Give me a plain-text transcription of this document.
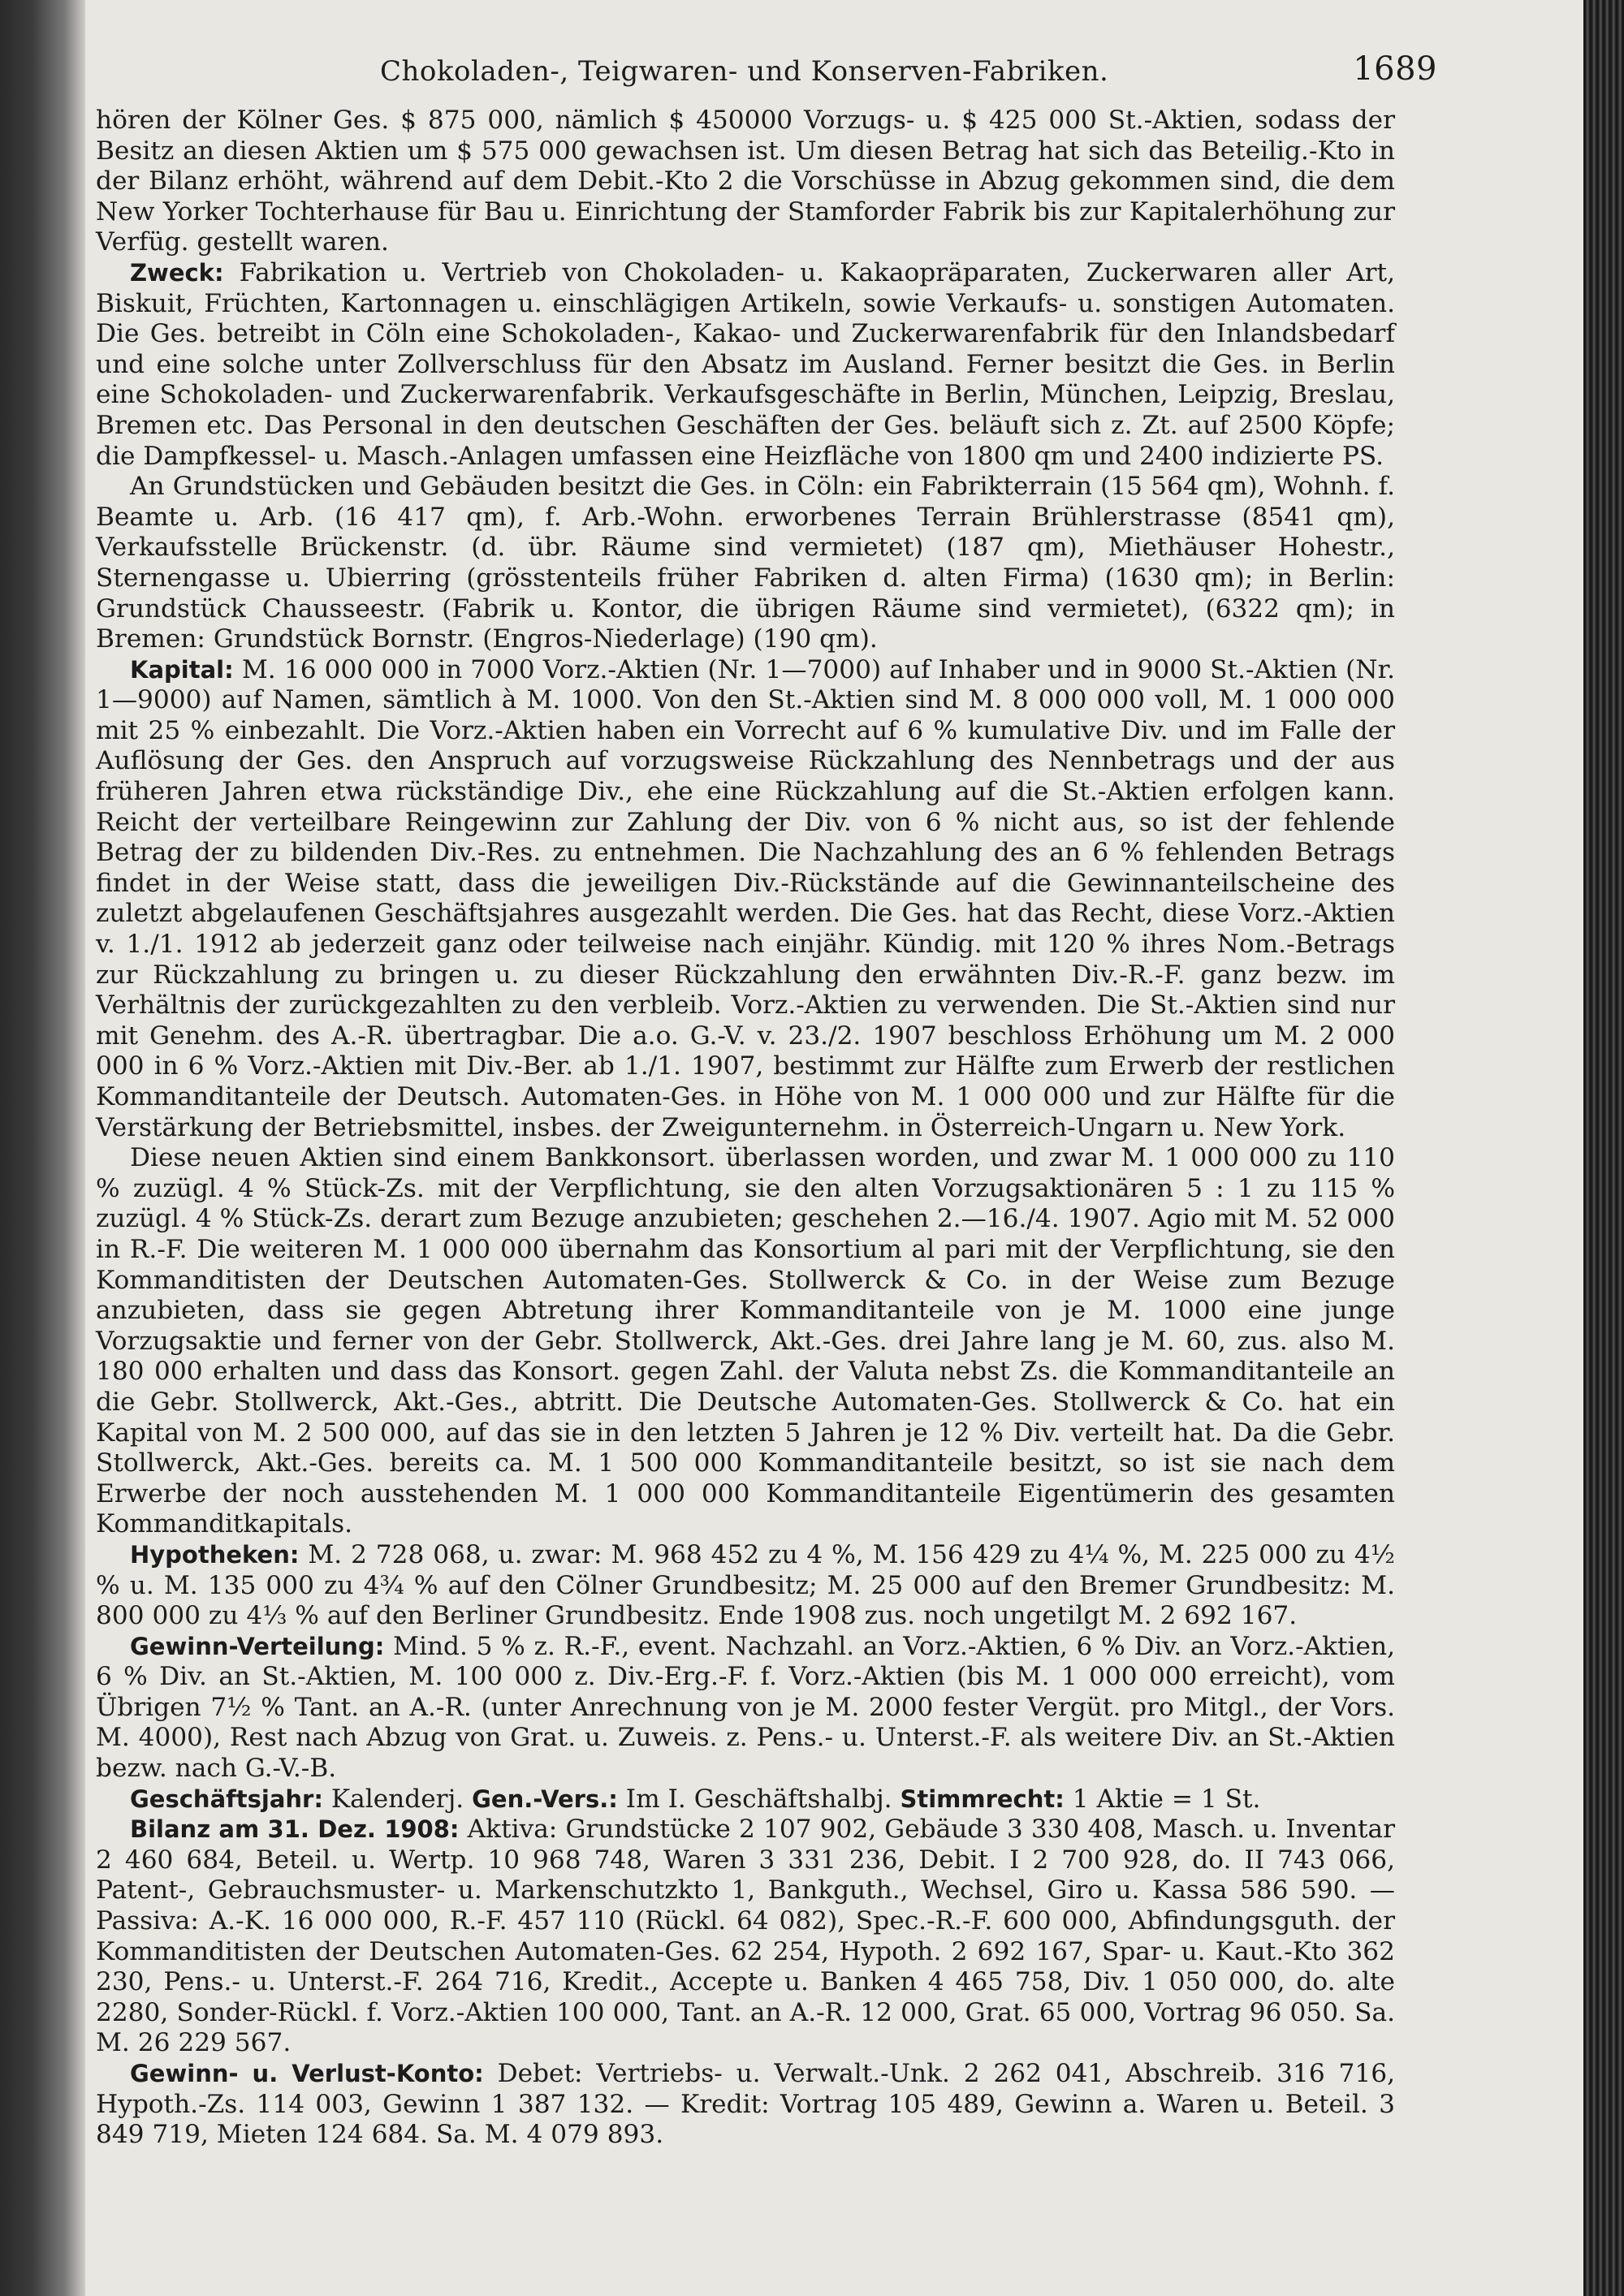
Chokoladen-, Teigwaren- und Konserven-Fabriken.	1689

hören der Kölner Ges. $ 875 000, nämlich $ 450000 Vorzugs- u. $ 425 000 St.-Aktien, sodass der Besitz an diesen Aktien um $ 575 000 gewachsen ist. Um diesen Betrag hat sich das Beteilig.-Kto in der Bilanz erhöht, während auf dem Debit.-Kto 2 die Vorschüsse in Abzug gekommen sind, die dem New Yorker Tochterhause für Bau u. Einrichtung der Stamforder Fabrik bis zur Kapitalerhöhung zur Verfüg. gestellt waren.

Zweck: Fabrikation u. Vertrieb von Chokoladen- u. Kakaopräparaten, Zuckerwaren aller Art, Biskuit, Früchten, Kartonnagen u. einschlägigen Artikeln, sowie Verkaufs- u. sonstigen Automaten. Die Ges. betreibt in Cöln eine Schokoladen-, Kakao- und Zuckerwarenfabrik für den Inlandsbedarf und eine solche unter Zollverschluss für den Absatz im Ausland. Ferner besitzt die Ges. in Berlin eine Schokoladen- und Zuckerwarenfabrik. Verkaufsgeschäfte in Berlin, München, Leipzig, Breslau, Bremen etc. Das Personal in den deutschen Geschäften der Ges. beläuft sich z. Zt. auf 2500 Köpfe; die Dampfkessel- u. Masch.-Anlagen umfassen eine Heizfläche von 1800 qm und 2400 indizierte PS.

An Grundstücken und Gebäuden besitzt die Ges. in Cöln: ein Fabrikterrain (15 564 qm), Wohnh. f. Beamte u. Arb. (16 417 qm), f. Arb.-Wohn. erworbenes Terrain Brühlerstrasse (8541 qm), Verkaufsstelle Brückenstr. (d. übr. Räume sind vermietet) (187 qm), Miethäuser Hohestr., Sternengasse u. Ubierring (grösstenteils früher Fabriken d. alten Firma) (1630 qm); in Berlin: Grundstück Chausseestr. (Fabrik u. Kontor, die übrigen Räume sind vermietet), (6322 qm); in Bremen: Grundstück Bornstr. (Engros-Niederlage) (190 qm).

Kapital: M. 16 000 000 in 7000 Vorz.-Aktien (Nr. 1—7000) auf Inhaber und in 9000 St.-Aktien (Nr. 1—9000) auf Namen, sämtlich à M. 1000. Von den St.-Aktien sind M. 8 000 000 voll, M. 1 000 000 mit 25 % einbezahlt. Die Vorz.-Aktien haben ein Vorrecht auf 6 % kumulative Div. und im Falle der Auflösung der Ges. den Anspruch auf vorzugsweise Rückzahlung des Nennbetrags und der aus früheren Jahren etwa rückständige Div., ehe eine Rückzahlung auf die St.-Aktien erfolgen kann. Reicht der verteilbare Reingewinn zur Zahlung der Div. von 6 % nicht aus, so ist der fehlende Betrag der zu bildenden Div.-Res. zu entnehmen. Die Nachzahlung des an 6 % fehlenden Betrags findet in der Weise statt, dass die jeweiligen Div.-Rückstände auf die Gewinnanteilscheine des zuletzt abgelaufenen Geschäftsjahres ausgezahlt werden. Die Ges. hat das Recht, diese Vorz.-Aktien v. 1./1. 1912 ab jederzeit ganz oder teilweise nach einjähr. Kündig. mit 120 % ihres Nom.-Betrags zur Rückzahlung zu bringen u. zu dieser Rückzahlung den erwähnten Div.-R.-F. ganz bezw. im Verhältnis der zurückgezahlten zu den verbleib. Vorz.-Aktien zu verwenden. Die St.-Aktien sind nur mit Genehm. des A.-R. übertragbar. Die a.o. G.-V. v. 23./2. 1907 beschloss Erhöhung um M. 2 000 000 in 6 % Vorz.-Aktien mit Div.-Ber. ab 1./1. 1907, bestimmt zur Hälfte zum Erwerb der restlichen Kommanditanteile der Deutsch. Automaten-Ges. in Höhe von M. 1 000 000 und zur Hälfte für die Verstärkung der Betriebsmittel, insbes. der Zweigunternehm. in Österreich-Ungarn u. New York.

Diese neuen Aktien sind einem Bankkonsort. überlassen worden, und zwar M. 1 000 000 zu 110 % zuzügl. 4 % Stück-Zs. mit der Verpflichtung, sie den alten Vorzugsaktionären 5 : 1 zu 115 % zuzügl. 4 % Stück-Zs. derart zum Bezuge anzubieten; geschehen 2.—16./4. 1907. Agio mit M. 52 000 in R.-F. Die weiteren M. 1 000 000 übernahm das Konsortium al pari mit der Verpflichtung, sie den Kommanditisten der Deutschen Automaten-Ges. Stollwerck & Co. in der Weise zum Bezuge anzubieten, dass sie gegen Abtretung ihrer Kommanditanteile von je M. 1000 eine junge Vorzugsaktie und ferner von der Gebr. Stollwerck, Akt.-Ges. drei Jahre lang je M. 60, zus. also M. 180 000 erhalten und dass das Konsort. gegen Zahl. der Valuta nebst Zs. die Kommanditanteile an die Gebr. Stollwerck, Akt.-Ges., abtritt. Die Deutsche Automaten-Ges. Stollwerck & Co. hat ein Kapital von M. 2 500 000, auf das sie in den letzten 5 Jahren je 12 % Div. verteilt hat. Da die Gebr. Stollwerck, Akt.-Ges. bereits ca. M. 1 500 000 Kommanditanteile besitzt, so ist sie nach dem Erwerbe der noch ausstehenden M. 1 000 000 Kommanditanteile Eigentümerin des gesamten Kommanditkapitals.

Hypotheken: M. 2 728 068, u. zwar: M. 968 452 zu 4 %, M. 156 429 zu 4¼ %, M. 225 000 zu 4½ % u. M. 135 000 zu 4¾ % auf den Cölner Grundbesitz; M. 25 000 auf den Bremer Grundbesitz: M. 800 000 zu 4⅓ % auf den Berliner Grundbesitz. Ende 1908 zus. noch ungetilgt M. 2 692 167.

Gewinn-Verteilung: Mind. 5 % z. R.-F., event. Nachzahl. an Vorz.-Aktien, 6 % Div. an Vorz.-Aktien, 6 % Div. an St.-Aktien, M. 100 000 z. Div.-Erg.-F. f. Vorz.-Aktien (bis M. 1 000 000 erreicht), vom Übrigen 7½ % Tant. an A.-R. (unter Anrechnung von je M. 2000 fester Vergüt. pro Mitgl., der Vors. M. 4000), Rest nach Abzug von Grat. u. Zuweis. z. Pens.- u. Unterst.-F. als weitere Div. an St.-Aktien bezw. nach G.-V.-B.

Geschäftsjahr: Kalenderj. Gen.-Vers.: Im I. Geschäftshalbj. Stimmrecht: 1 Aktie = 1 St.

Bilanz am 31. Dez. 1908: Aktiva: Grundstücke 2 107 902, Gebäude 3 330 408, Masch. u. Inventar 2 460 684, Beteil. u. Wertp. 10 968 748, Waren 3 331 236, Debit. I 2 700 928, do. II 743 066, Patent-, Gebrauchsmuster- u. Markenschutzkto 1, Bankguth., Wechsel, Giro u. Kassa 586 590. — Passiva: A.-K. 16 000 000, R.-F. 457 110 (Rückl. 64 082), Spec.-R.-F. 600 000, Abfindungsguth. der Kommanditisten der Deutschen Automaten-Ges. 62 254, Hypoth. 2 692 167, Spar- u. Kaut.-Kto 362 230, Pens.- u. Unterst.-F. 264 716, Kredit., Accepte u. Banken 4 465 758, Div. 1 050 000, do. alte 2280, Sonder-Rückl. f. Vorz.-Aktien 100 000, Tant. an A.-R. 12 000, Grat. 65 000, Vortrag 96 050. Sa. M. 26 229 567.

Gewinn- u. Verlust-Konto: Debet: Vertriebs- u. Verwalt.-Unk. 2 262 041, Abschreib. 316 716, Hypoth.-Zs. 114 003, Gewinn 1 387 132. — Kredit: Vortrag 105 489, Gewinn a. Waren u. Beteil. 3 849 719, Mieten 124 684. Sa. M. 4 079 893.
